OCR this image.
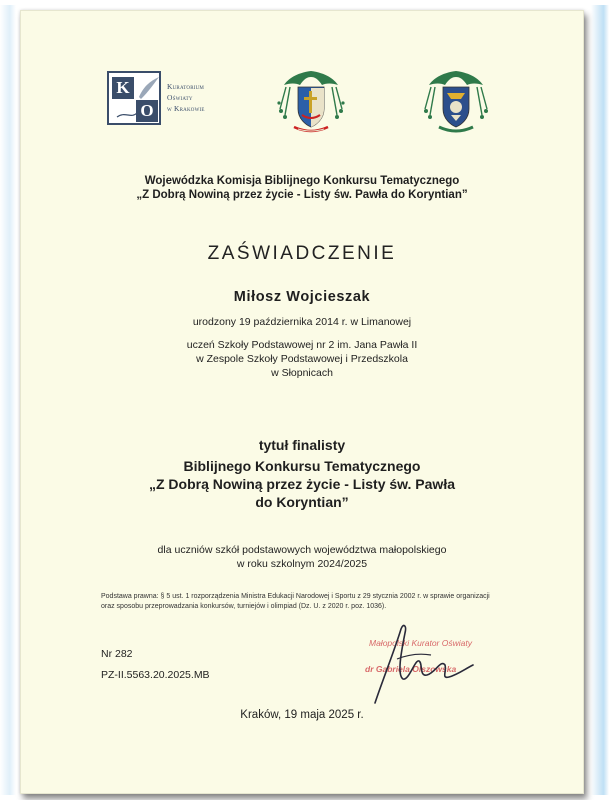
K
O
Kuratorium
Oświaty
w Krakowie
Wojewódzka Komisja Biblijnego Konkursu Tematycznego
„Z Dobrą Nowiną przez życie - Listy św. Pawła do Koryntian”
ZAŚWIADCZENIE
Miłosz Wojcieszak
urodzony 19 października 2014 r. w Limanowej
uczeń Szkoły Podstawowej nr 2 im. Jana Pawła II
w Zespole Szkoły Podstawowej i Przedszkola
w Słopnicach
tytuł finalisty
Biblijnego Konkursu Tematycznego
„Z Dobrą Nowiną przez życie - Listy św. Pawła
do Koryntian”
dla uczniów szkół podstawowych województwa małopolskiego
w roku szkolnym 2024/2025
Podstawa prawna: § 5 ust. 1 rozporządzenia Ministra Edukacji Narodowej i Sportu z 29 stycznia 2002 r. w sprawie organizacji
oraz sposobu przeprowadzania konkursów, turniejów i olimpiad (Dz. U. z 2020 r. poz. 1036).
Nr 282
PZ-II.5563.20.2025.MB
Małopolski Kurator Oświaty
dr Gabriela Olszowska
Kraków, 19 maja 2025 r.
